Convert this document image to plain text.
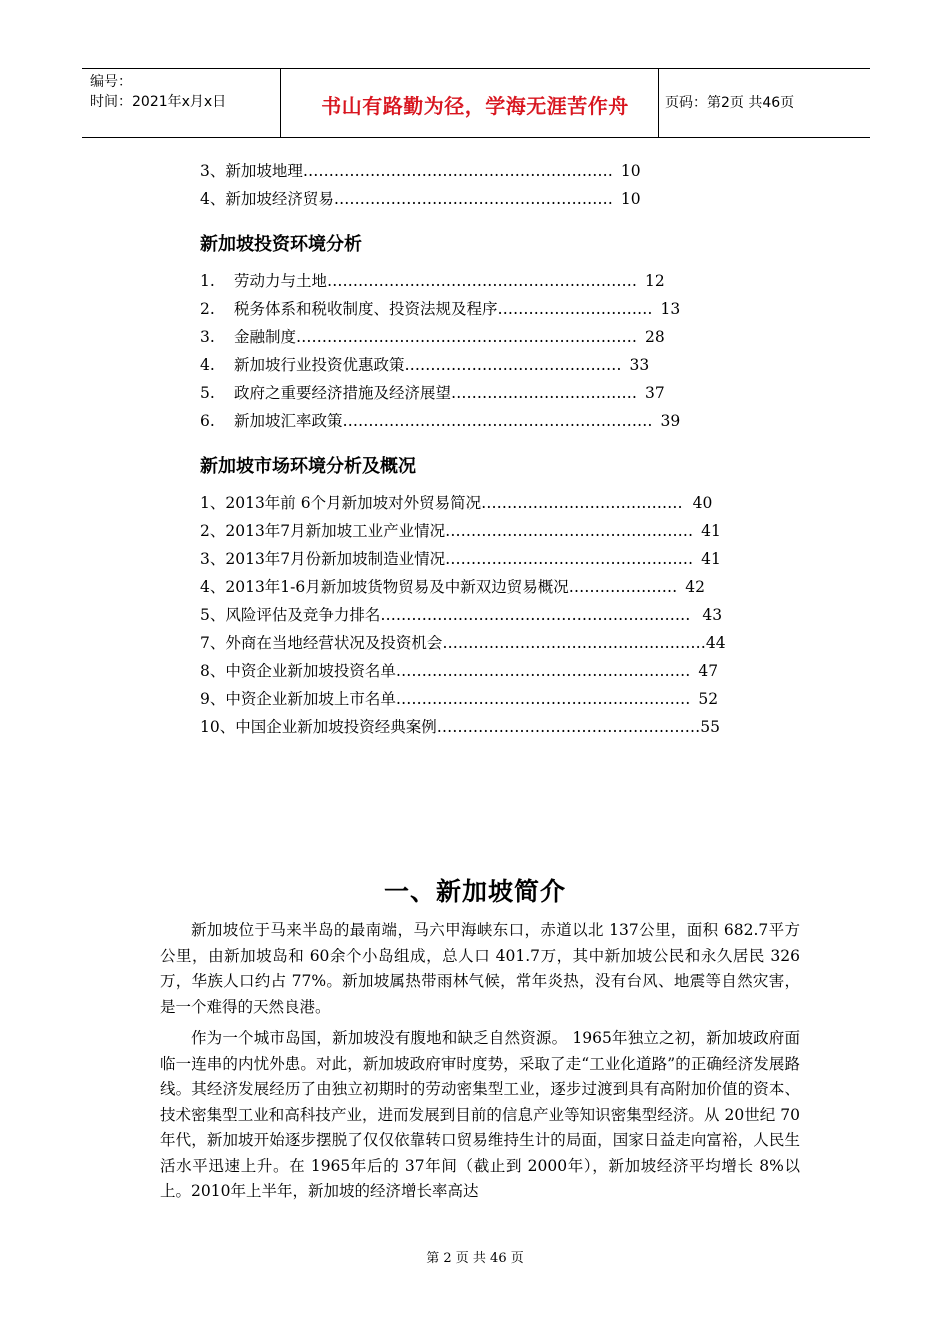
编号：
时间：2021年x月x日	书山有路勤为径，学海无涯苦作舟	页码：第2页 共46页
3、新加坡地理…………………………………………………… 10
4、新加坡经济贸易……………………………………………… 10
新加坡投资环境分析
1. 劳动力与土地…………………………………………………… 12
2. 税务体系和税收制度、投资法规及程序………………………… 13
3. 金融制度………………………………………………………… 28
4. 新加坡行业投资优惠政策…………………………………… 33
5. 政府之重要经济措施及经济展望……………………………… 37
6. 新加坡汇率政策…………………………………………………… 39
新加坡市场环境分析及概况
1、2013年前 6个月新加坡对外贸易简况………………………………… 40
2、2013年7月新加坡工业产业情况………………………………………… 41
3、2013年7月份新加坡制造业情况………………………………………… 41
4、2013年1-6月新加坡货物贸易及中新双边贸易概况………………… 42
5、风险评估及竞争力排名…………………………………………………… 43
7、外商在当地经营状况及投资机会……………………………………………44
8、中资企业新加坡投资名单………………………………………………… 47
9、中资企业新加坡上市名单………………………………………………… 52
10、中国企业新加坡投资经典案例……………………………………………55
一、新加坡简介

新加坡位于马来半岛的最南端，马六甲海峡东口，赤道以北 137公里，面积 682.7平方公里，由新加坡岛和 60余个小岛组成，总人口 401.7万，其中新加坡公民和永久居民 326万，华族人口约占 77%。新加坡属热带雨林气候，常年炎热，没有台风、地震等自然灾害，是一个难得的天然良港。

作为一个城市岛国，新加坡没有腹地和缺乏自然资源。 1965年独立之初，新加坡政府面临一连串的内忧外患。对此，新加坡政府审时度势，采取了走“工业化道路”的正确经济发展路线。其经济发展经历了由独立初期时的劳动密集型工业，逐步过渡到具有高附加价值的资本、技术密集型工业和高科技产业，进而发展到目前的信息产业等知识密集型经济。从 20世纪 70年代，新加坡开始逐步摆脱了仅仅依靠转口贸易维持生计的局面，国家日益走向富裕，人民生活水平迅速上升。在 1965年后的 37年间（截止到 2000年），新加坡经济平均增长 8%以上。2010年上半年，新加坡的经济增长率高达

第 2 页 共 46 页
